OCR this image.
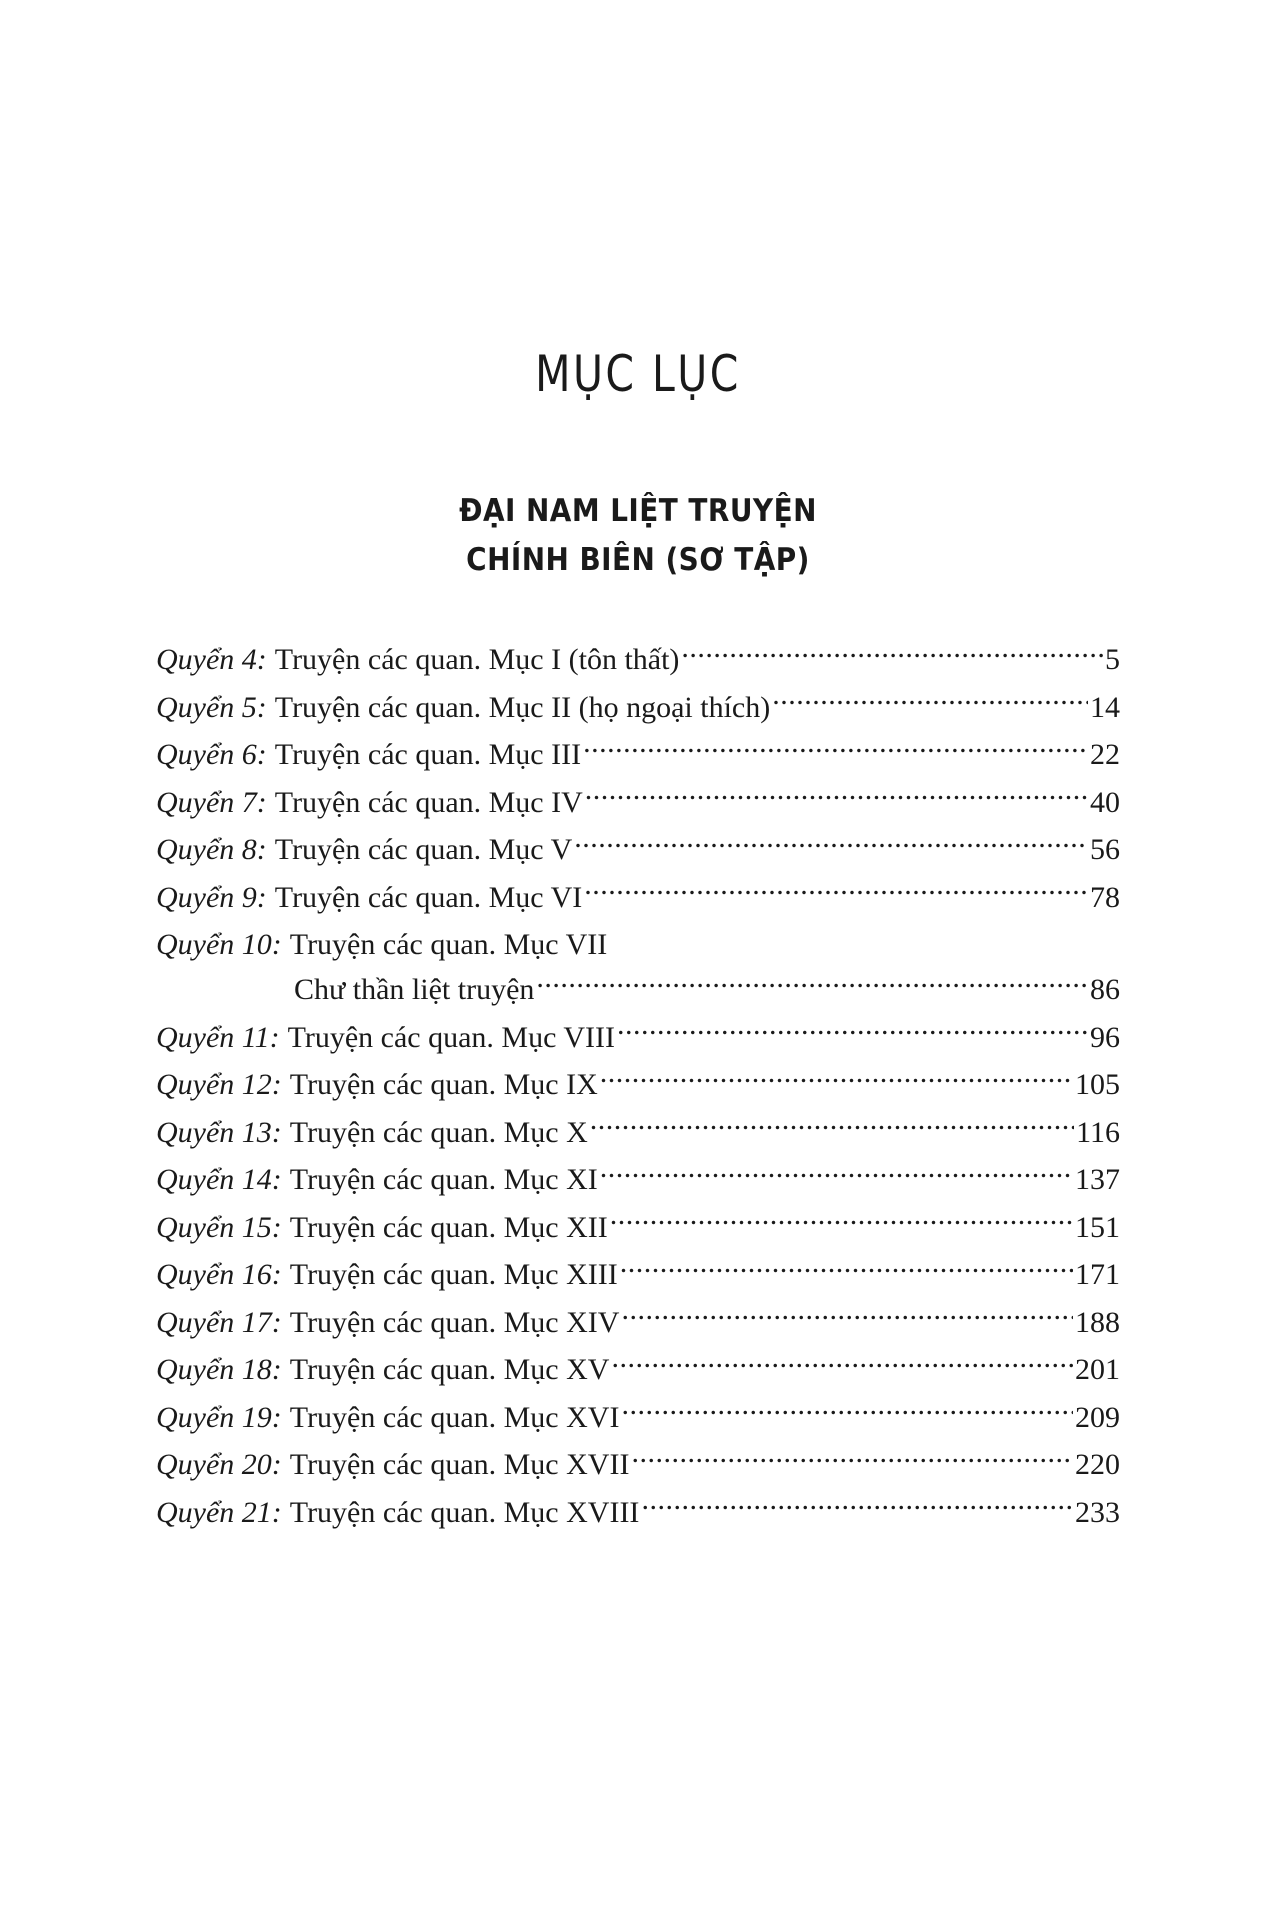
MỤC LỤC
ĐẠI NAM LIỆT TRUYỆN
CHÍNH BIÊN (SƠ TẬP)
Quyển 4: Truyện các quan. Mục I (tôn thất) .....	5
Quyển 5: Truyện các quan. Mục II (họ ngoại thích) .....	14
Quyển 6: Truyện các quan. Mục III .....	22
Quyển 7: Truyện các quan. Mục IV .....	40
Quyển 8: Truyện các quan. Mục V .....	56
Quyển 9: Truyện các quan. Mục VI .....	78
Quyển 10: Truyện các quan. Mục VII
Chư thần liệt truyện .....	86
Quyển 11: Truyện các quan. Mục VIII .....	96
Quyển 12: Truyện các quan. Mục IX .....	105
Quyển 13: Truyện các quan. Mục X .....	116
Quyển 14: Truyện các quan. Mục XI .....	137
Quyển 15: Truyện các quan. Mục XII .....	151
Quyển 16: Truyện các quan. Mục XIII .....	171
Quyển 17: Truyện các quan. Mục XIV .....	188
Quyển 18: Truyện các quan. Mục XV .....	201
Quyển 19: Truyện các quan. Mục XVI .....	209
Quyển 20: Truyện các quan. Mục XVII .....	220
Quyển 21: Truyện các quan. Mục XVIII .....	233
